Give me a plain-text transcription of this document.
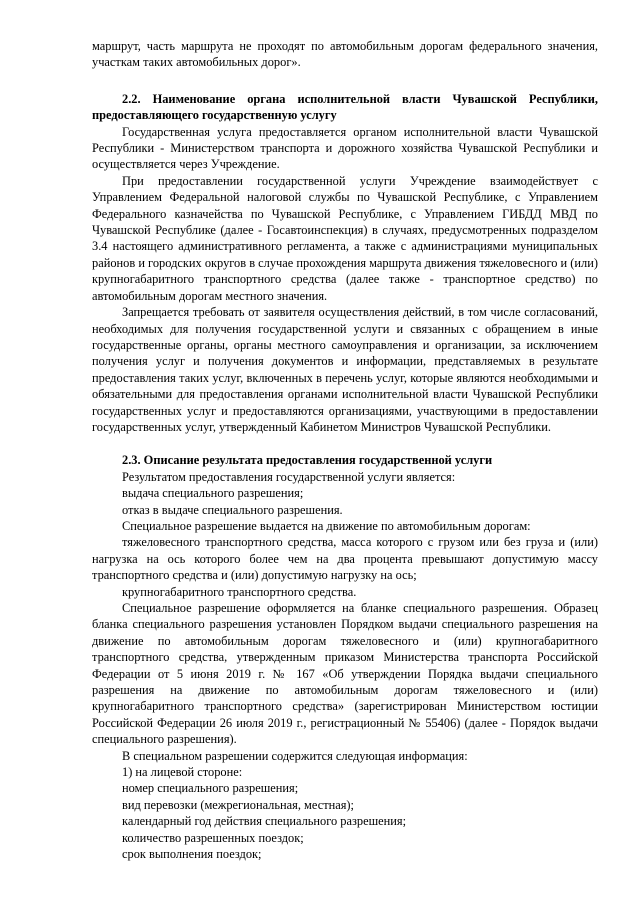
маршрут, часть маршрута не проходят по автомобильным дорогам федерального значения, участкам таких автомобильных дорог».

2.2. Наименование органа исполнительной власти Чувашской Республики, предоставляющего государственную услугу

Государственная услуга предоставляется органом исполнительной власти Чувашской Республики - Министерством транспорта и дорожного хозяйства Чувашской Республики и осуществляется через Учреждение.

При предоставлении государственной услуги Учреждение взаимодействует с Управлением Федеральной налоговой службы по Чувашской Республике, с Управлением Федерального казначейства по Чувашской Республике, с Управлением ГИБДД МВД по Чувашской Республике (далее - Госавтоинспекция) в случаях, предусмотренных подразделом 3.4 настоящего административного регламента, а также с администрациями муниципальных районов и городских округов в случае прохождения маршрута движения тяжеловесного и (или) крупногабаритного транспортного средства (далее также - транспортное средство) по автомобильным дорогам местного значения.

Запрещается требовать от заявителя осуществления действий, в том числе согласований, необходимых для получения государственной услуги и связанных с обращением в иные государственные органы, органы местного самоуправления и организации, за исключением получения услуг и получения документов и информации, представляемых в результате предоставления таких услуг, включенных в перечень услуг, которые являются необходимыми и обязательными для предоставления органами исполнительной власти Чувашской Республики государственных услуг и предоставляются организациями, участвующими в предоставлении государственных услуг, утвержденный Кабинетом Министров Чувашской Республики.

2.3. Описание результата предоставления государственной услуги

Результатом предоставления государственной услуги является:

выдача специального разрешения;

отказ в выдаче специального разрешения.

Специальное разрешение выдается на движение по автомобильным дорогам:

тяжеловесного транспортного средства, масса которого с грузом или без груза и (или) нагрузка на ось которого более чем на два процента превышают допустимую массу транспортного средства и (или) допустимую нагрузку на ось;

крупногабаритного транспортного средства.

Специальное разрешение оформляется на бланке специального разрешения. Образец бланка специального разрешения установлен Порядком выдачи специального разрешения на движение по автомобильным дорогам тяжеловесного и (или) крупногабаритного транспортного средства, утвержденным приказом Министерства транспорта Российской Федерации от 5 июня 2019 г. № 167 «Об утверждении Порядка выдачи специального разрешения на движение по автомобильным дорогам тяжеловесного и (или) крупногабаритного транспортного средства» (зарегистрирован Министерством юстиции Российской Федерации 26 июля 2019 г., регистрационный № 55406) (далее - Порядок выдачи специального разрешения).

В специальном разрешении содержится следующая информация:

1) на лицевой стороне:

номер специального разрешения;

вид перевозки (межрегиональная, местная);

календарный год действия специального разрешения;

количество разрешенных поездок;

срок выполнения поездок;
